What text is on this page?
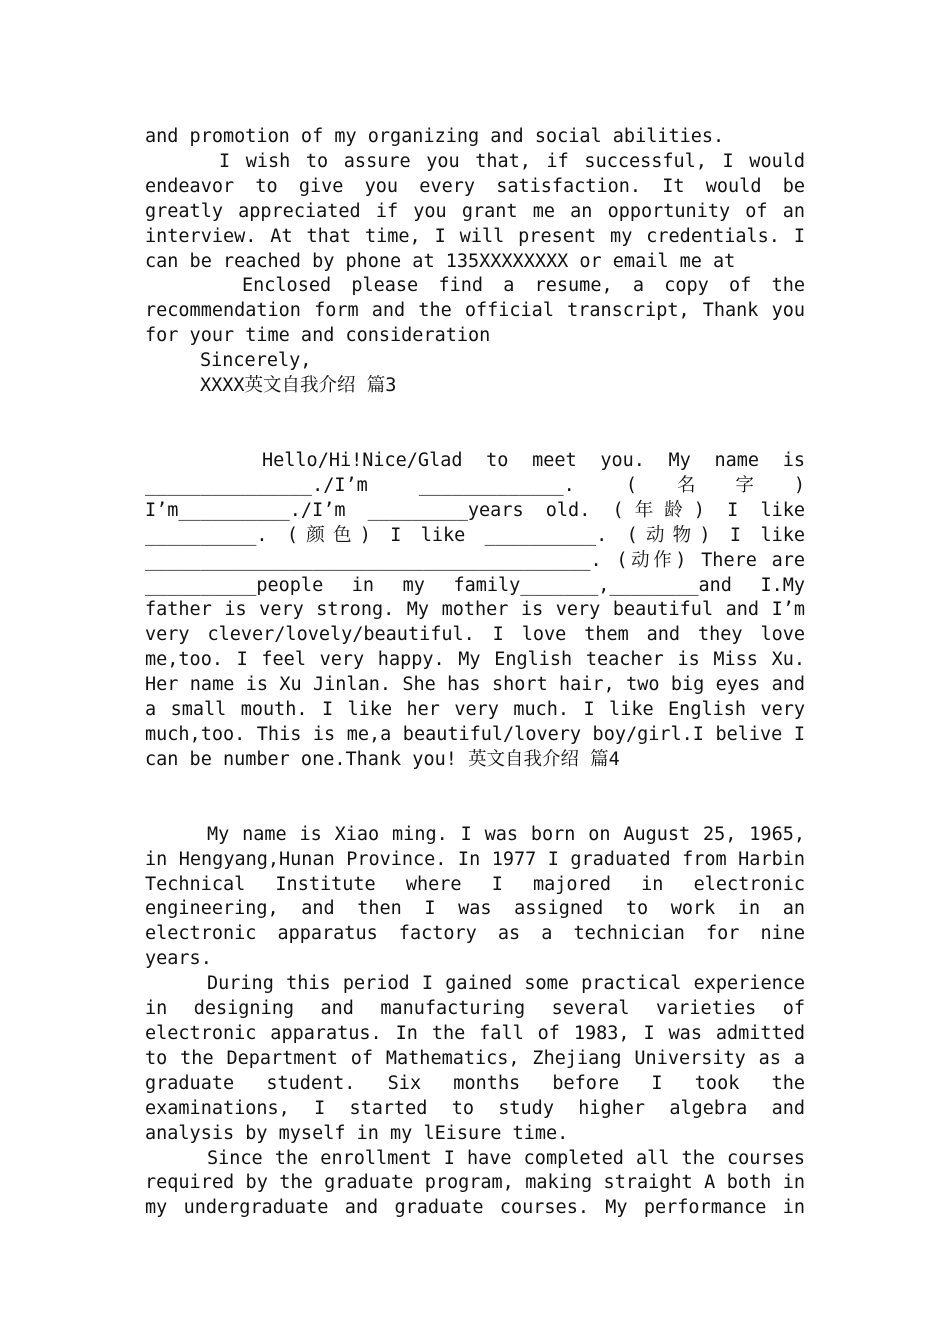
and promotion of my organizing and social abilities.
I wish to assure you that, if successful, I would
endeavor to give you every satisfaction. It would be
greatly appreciated if you grant me an opportunity of an
interview. At that time, I will present my credentials. I
can be reached by phone at 135XXXXXXXX or email me at
Enclosed please find a resume, a copy of the
recommendation form and the official transcript, Thank you
for your time and consideration
Sincerely,
XXXX英文自我介绍 篇3
Hello/Hi!Nice/Glad to meet you. My name is
_______________./I’m _____________. (名字)
I’m__________./I’m _________years old. (年龄) I like
__________. (颜色) I like __________. (动物) I like
________________________________________. (动作) There are
__________people in my family_______,________and I.My
father is very strong. My mother is very beautiful and I’m
very clever/lovely/beautiful. I love them and they love
me,too. I feel very happy. My English teacher is Miss Xu.
Her name is Xu Jinlan. She has short hair, two big eyes and
a small mouth. I like her very much. I like English very
much,too. This is me,a beautiful/lovery boy/girl.I belive I
can be number one.Thank you! 英文自我介绍 篇4
My name is Xiao ming. I was born on August 25, 1965,
in Hengyang,Hunan Province. In 1977 I graduated from Harbin
Technical Institute where I majored in electronic
engineering, and then I was assigned to work in an
electronic apparatus factory as a technician for nine
years.
During this period I gained some practical experience
in designing and manufacturing several varieties of
electronic apparatus. In the fall of 1983, I was admitted
to the Department of Mathematics, Zhejiang University as a
graduate student. Six months before I took the
examinations, I started to study higher algebra and
analysis by myself in my lEisure time.
Since the enrollment I have completed all the courses
required by the graduate program, making straight A both in
my undergraduate and graduate courses. My performance in
